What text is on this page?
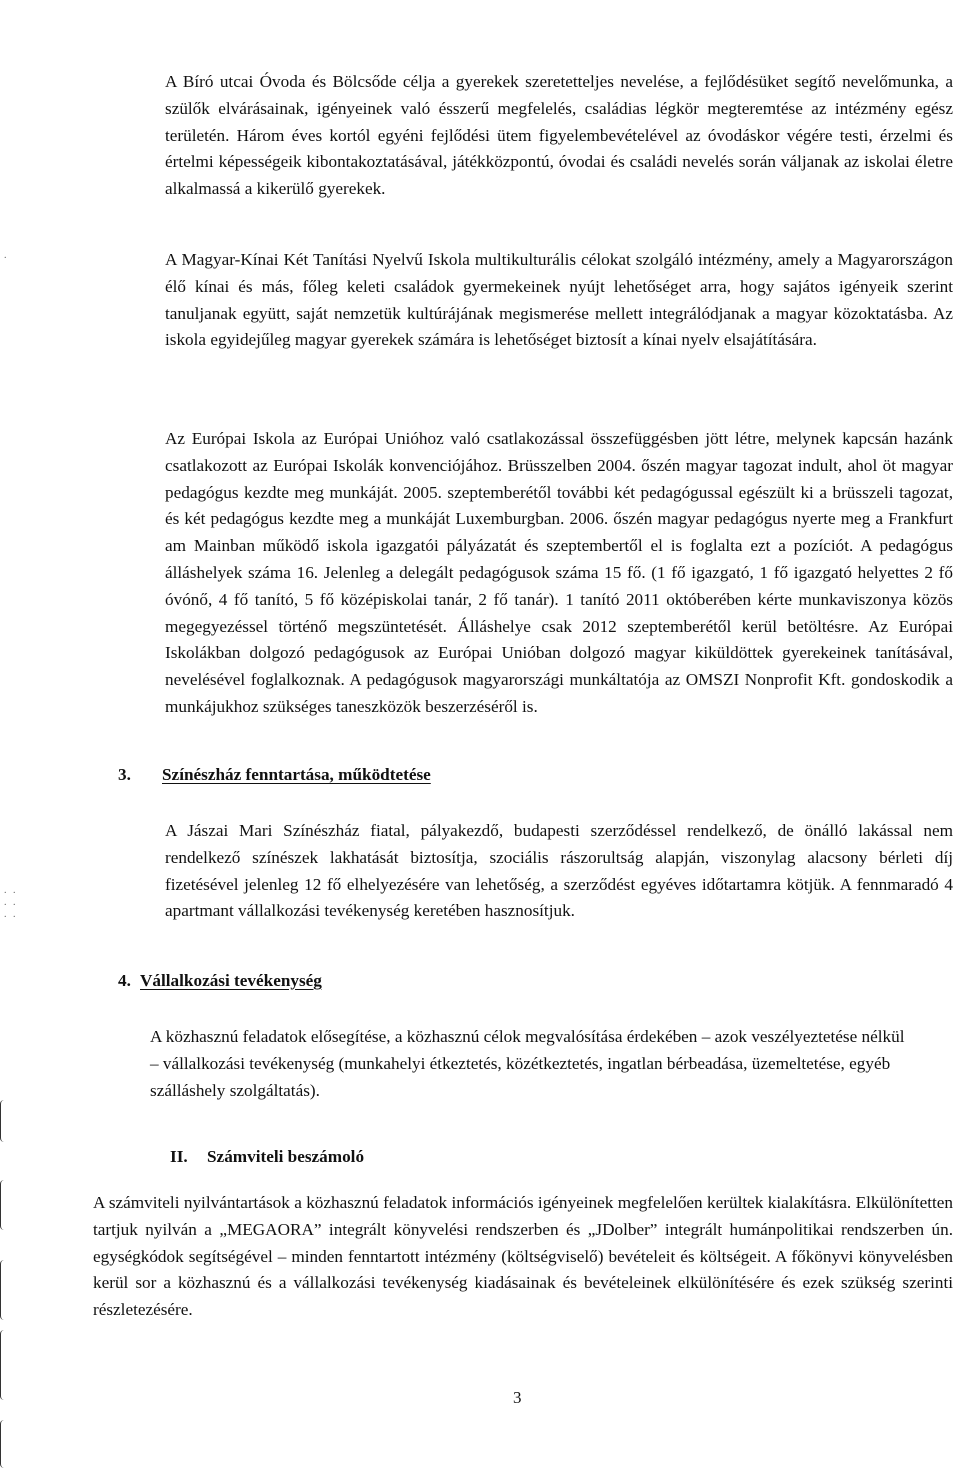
A Bíró utcai Óvoda és Bölcsőde célja a gyerekek szeretetteljes nevelése, a fejlődésüket segítő nevelőmunka, a szülők elvárásainak, igényeinek való ésszerű megfelelés, családias légkör megteremtése az intézmény egész területén. Három éves kortól egyéni fejlődési ütem figyelembevételével az óvodáskor végére testi, érzelmi és értelmi képességeik kibontakoztatásával, játékközpontú, óvodai és családi nevelés során váljanak az iskolai életre alkalmassá a kikerülő gyerekek.

A Magyar-Kínai Két Tanítási Nyelvű Iskola multikulturális célokat szolgáló intézmény, amely a Magyarországon élő kínai és más, főleg keleti családok gyermekeinek nyújt lehetőséget arra, hogy sajátos igényeik szerint tanuljanak együtt, saját nemzetük kultúrájának megismerése mellett integrálódjanak a magyar közoktatásba. Az iskola egyidejűleg magyar gyerekek számára is lehetőséget biztosít a kínai nyelv elsajátítására.

Az Európai Iskola az Európai Unióhoz való csatlakozással összefüggésben jött létre, melynek kapcsán hazánk csatlakozott az Európai Iskolák konvenciójához. Brüsszelben 2004. őszén magyar tagozat indult, ahol öt magyar pedagógus kezdte meg munkáját. 2005. szeptemberétől további két pedagógussal egészült ki a brüsszeli tagozat, és két pedagógus kezdte meg a munkáját Luxemburgban. 2006. őszén magyar pedagógus nyerte meg a Frankfurt am Mainban működő iskola igazgatói pályázatát és szeptembertől el is foglalta ezt a pozíciót. A pedagógus álláshelyek száma 16. Jelenleg a delegált pedagógusok száma 15 fő. (1 fő igazgató, 1 fő igazgató helyettes 2 fő óvónő, 4 fő tanító, 5 fő középiskolai tanár, 2 fő tanár). 1 tanító 2011 októberében kérte munkaviszonya közös megegyezéssel történő megszüntetését. Álláshelye csak 2012 szeptemberétől kerül betöltésre. Az Európai Iskolákban dolgozó pedagógusok az Európai Unióban dolgozó magyar kiküldöttek gyerekeinek tanításával, nevelésével foglalkoznak. A pedagógusok magyarországi munkáltatója az OMSZI Nonprofit Kft. gondoskodik a munkájukhoz szükséges taneszközök beszerzéséről is.

3. Színészház fenntartása, működtetése

A Jászai Mari Színészház fiatal, pályakezdő, budapesti szerződéssel rendelkező, de önálló lakással nem rendelkező színészek lakhatását biztosítja, szociális rászorultság alapján, viszonylag alacsony bérleti díj fizetésével jelenleg 12 fő elhelyezésére van lehetőség, a szerződést egyéves időtartamra kötjük. A fennmaradó 4 apartmant vállalkozási tevékenység keretében hasznosítjuk.

4. Vállalkozási tevékenység

A közhasznú feladatok elősegítése, a közhasznú célok megvalósítása érdekében – azok veszélyeztetése nélkül – vállalkozási tevékenység (munkahelyi étkeztetés, közétkeztetés, ingatlan bérbeadása, üzemeltetése, egyéb szálláshely szolgáltatás).

II. Számviteli beszámoló

A számviteli nyilvántartások a közhasznú feladatok információs igényeinek megfelelően kerültek kialakításra. Elkülönítetten tartjuk nyilván a „MEGAORA” integrált könyvelési rendszerben és „JDolber” integrált humánpolitikai rendszerben ún. egységkódok segítségével – minden fenntartott intézmény (költségviselő) bevételeit és költségeit. A főkönyvi könyvelésben kerül sor a közhasznú és a vállalkozási tevékenység kiadásainak és bevételeinek elkülönítésére és ezek szükség szerinti részletezésére.

3
.
. .
. .
. .
